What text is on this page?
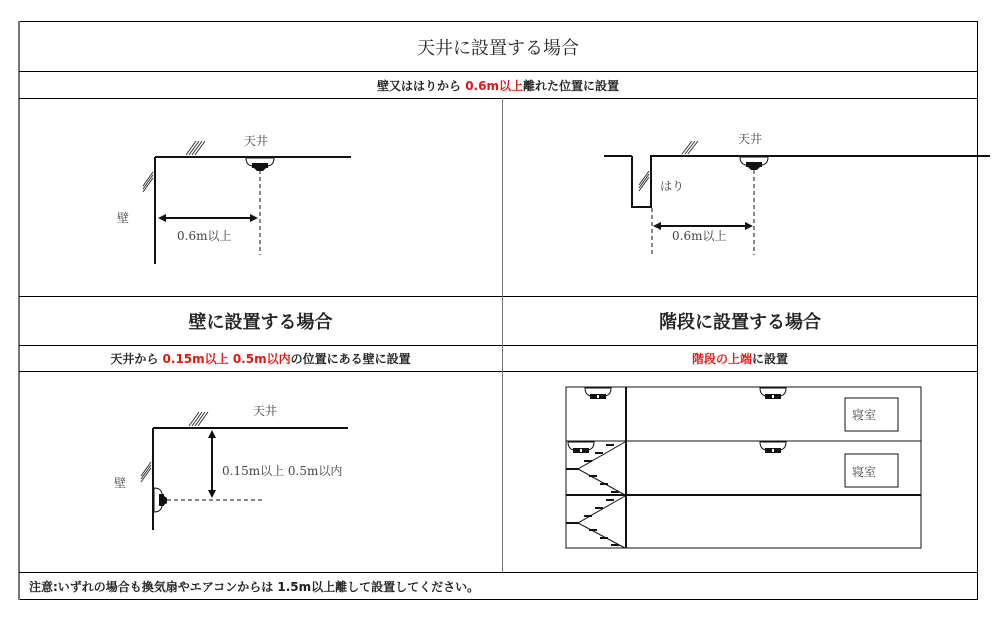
天井に設置する場合
壁又ははりから 0.6m以上 離れた位置に設置
壁に設置する場合	階段に設置する場合
天井から 0.15m以上 0.5m以内 の位置にある壁に設置	階段の上端 に設置
注意:いずれの場合も換気扇やエアコンからは 1.5m以上離して設置してください。
天井
壁
0.6m以上
天井
はり
0.6m以上
天井
壁
0.15m以上 0.5m以内
寝室
寝室
